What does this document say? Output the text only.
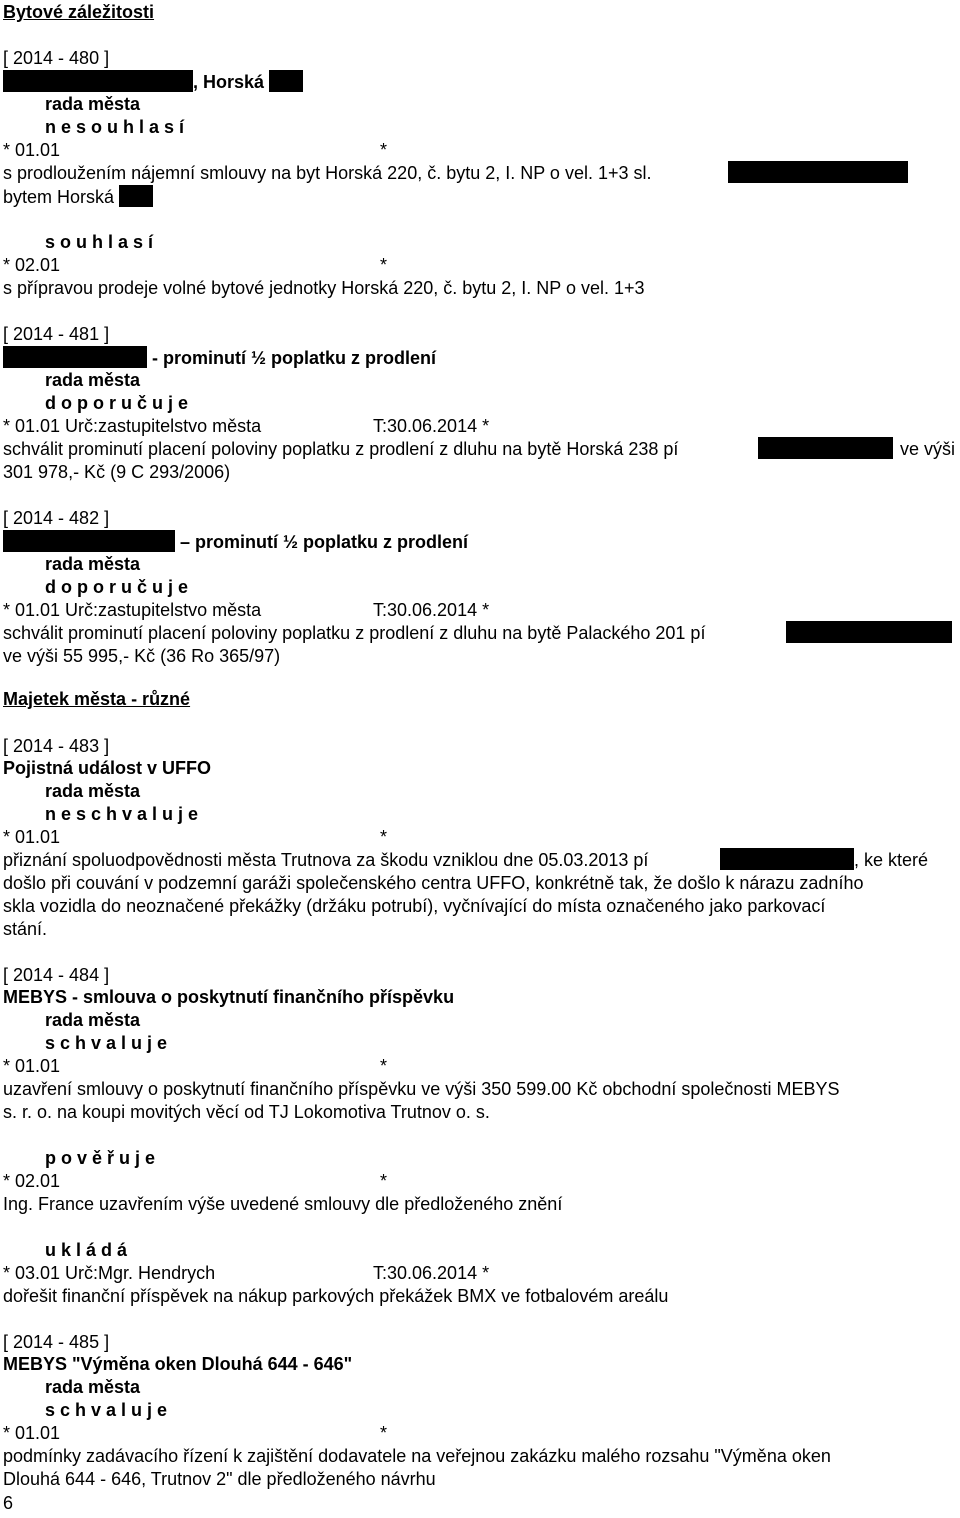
Bytové záležitosti
[ 2014 - 480 ]
, Horská
rada města
n e s o u h l a s í
* 01.01	*
s prodloužením nájemní smlouvy na byt Horská 220, č. bytu 2, I. NP o vel. 1+3 sl.
bytem Horská
s o u h l a s í
* 02.01	*
s přípravou prodeje volné bytové jednotky Horská 220, č. bytu 2, I. NP o vel. 1+3
[ 2014 - 481 ]
- prominutí ½ poplatku z prodlení
rada města
d o p o r u č u j e
* 01.01 Urč:zastupitelstvo města	T:30.06.2014 *
schválit prominutí placení poloviny poplatku z prodlení z dluhu na bytě Horská 238 pí	ve výši
301 978,- Kč (9 C 293/2006)
[ 2014 - 482 ]
– prominutí ½ poplatku z prodlení
rada města
d o p o r u č u j e
* 01.01 Urč:zastupitelstvo města	T:30.06.2014 *
schválit prominutí placení poloviny poplatku z prodlení z dluhu na bytě Palackého 201 pí
ve výši 55 995,- Kč (36 Ro 365/97)
Majetek města - různé
[ 2014 - 483 ]
Pojistná událost v UFFO
rada města
n e s c h v a l u j e
* 01.01	*
přiznání spoluodpovědnosti města Trutnova za škodu vzniklou dne 05.03.2013 pí	, ke které
došlo při couvání v podzemní garáži společenského centra UFFO, konkrétně tak, že došlo k nárazu zadního
skla vozidla do neoznačené překážky (držáku potrubí), vyčnívající do místa označeného jako parkovací
stání.
[ 2014 - 484 ]
MEBYS - smlouva o poskytnutí finančního příspěvku
rada města
s c h v a l u j e
* 01.01	*
uzavření smlouvy o poskytnutí finančního příspěvku ve výši 350 599.00 Kč obchodní společnosti MEBYS
s. r. o. na koupi movitých věcí od TJ Lokomotiva Trutnov o. s.
p o v ě ř u j e
* 02.01	*
Ing. France uzavřením výše uvedené smlouvy dle předloženého znění
u k l á d á
* 03.01 Urč:Mgr. Hendrych	T:30.06.2014 *
dořešit finanční příspěvek na nákup parkových překážek BMX ve fotbalovém areálu
[ 2014 - 485 ]
MEBYS "Výměna oken Dlouhá 644 - 646"
rada města
s c h v a l u j e
* 01.01	*
podmínky zadávacího řízení k zajištění dodavatele na veřejnou zakázku malého rozsahu "Výměna oken
Dlouhá 644 - 646, Trutnov 2" dle předloženého návrhu
6
